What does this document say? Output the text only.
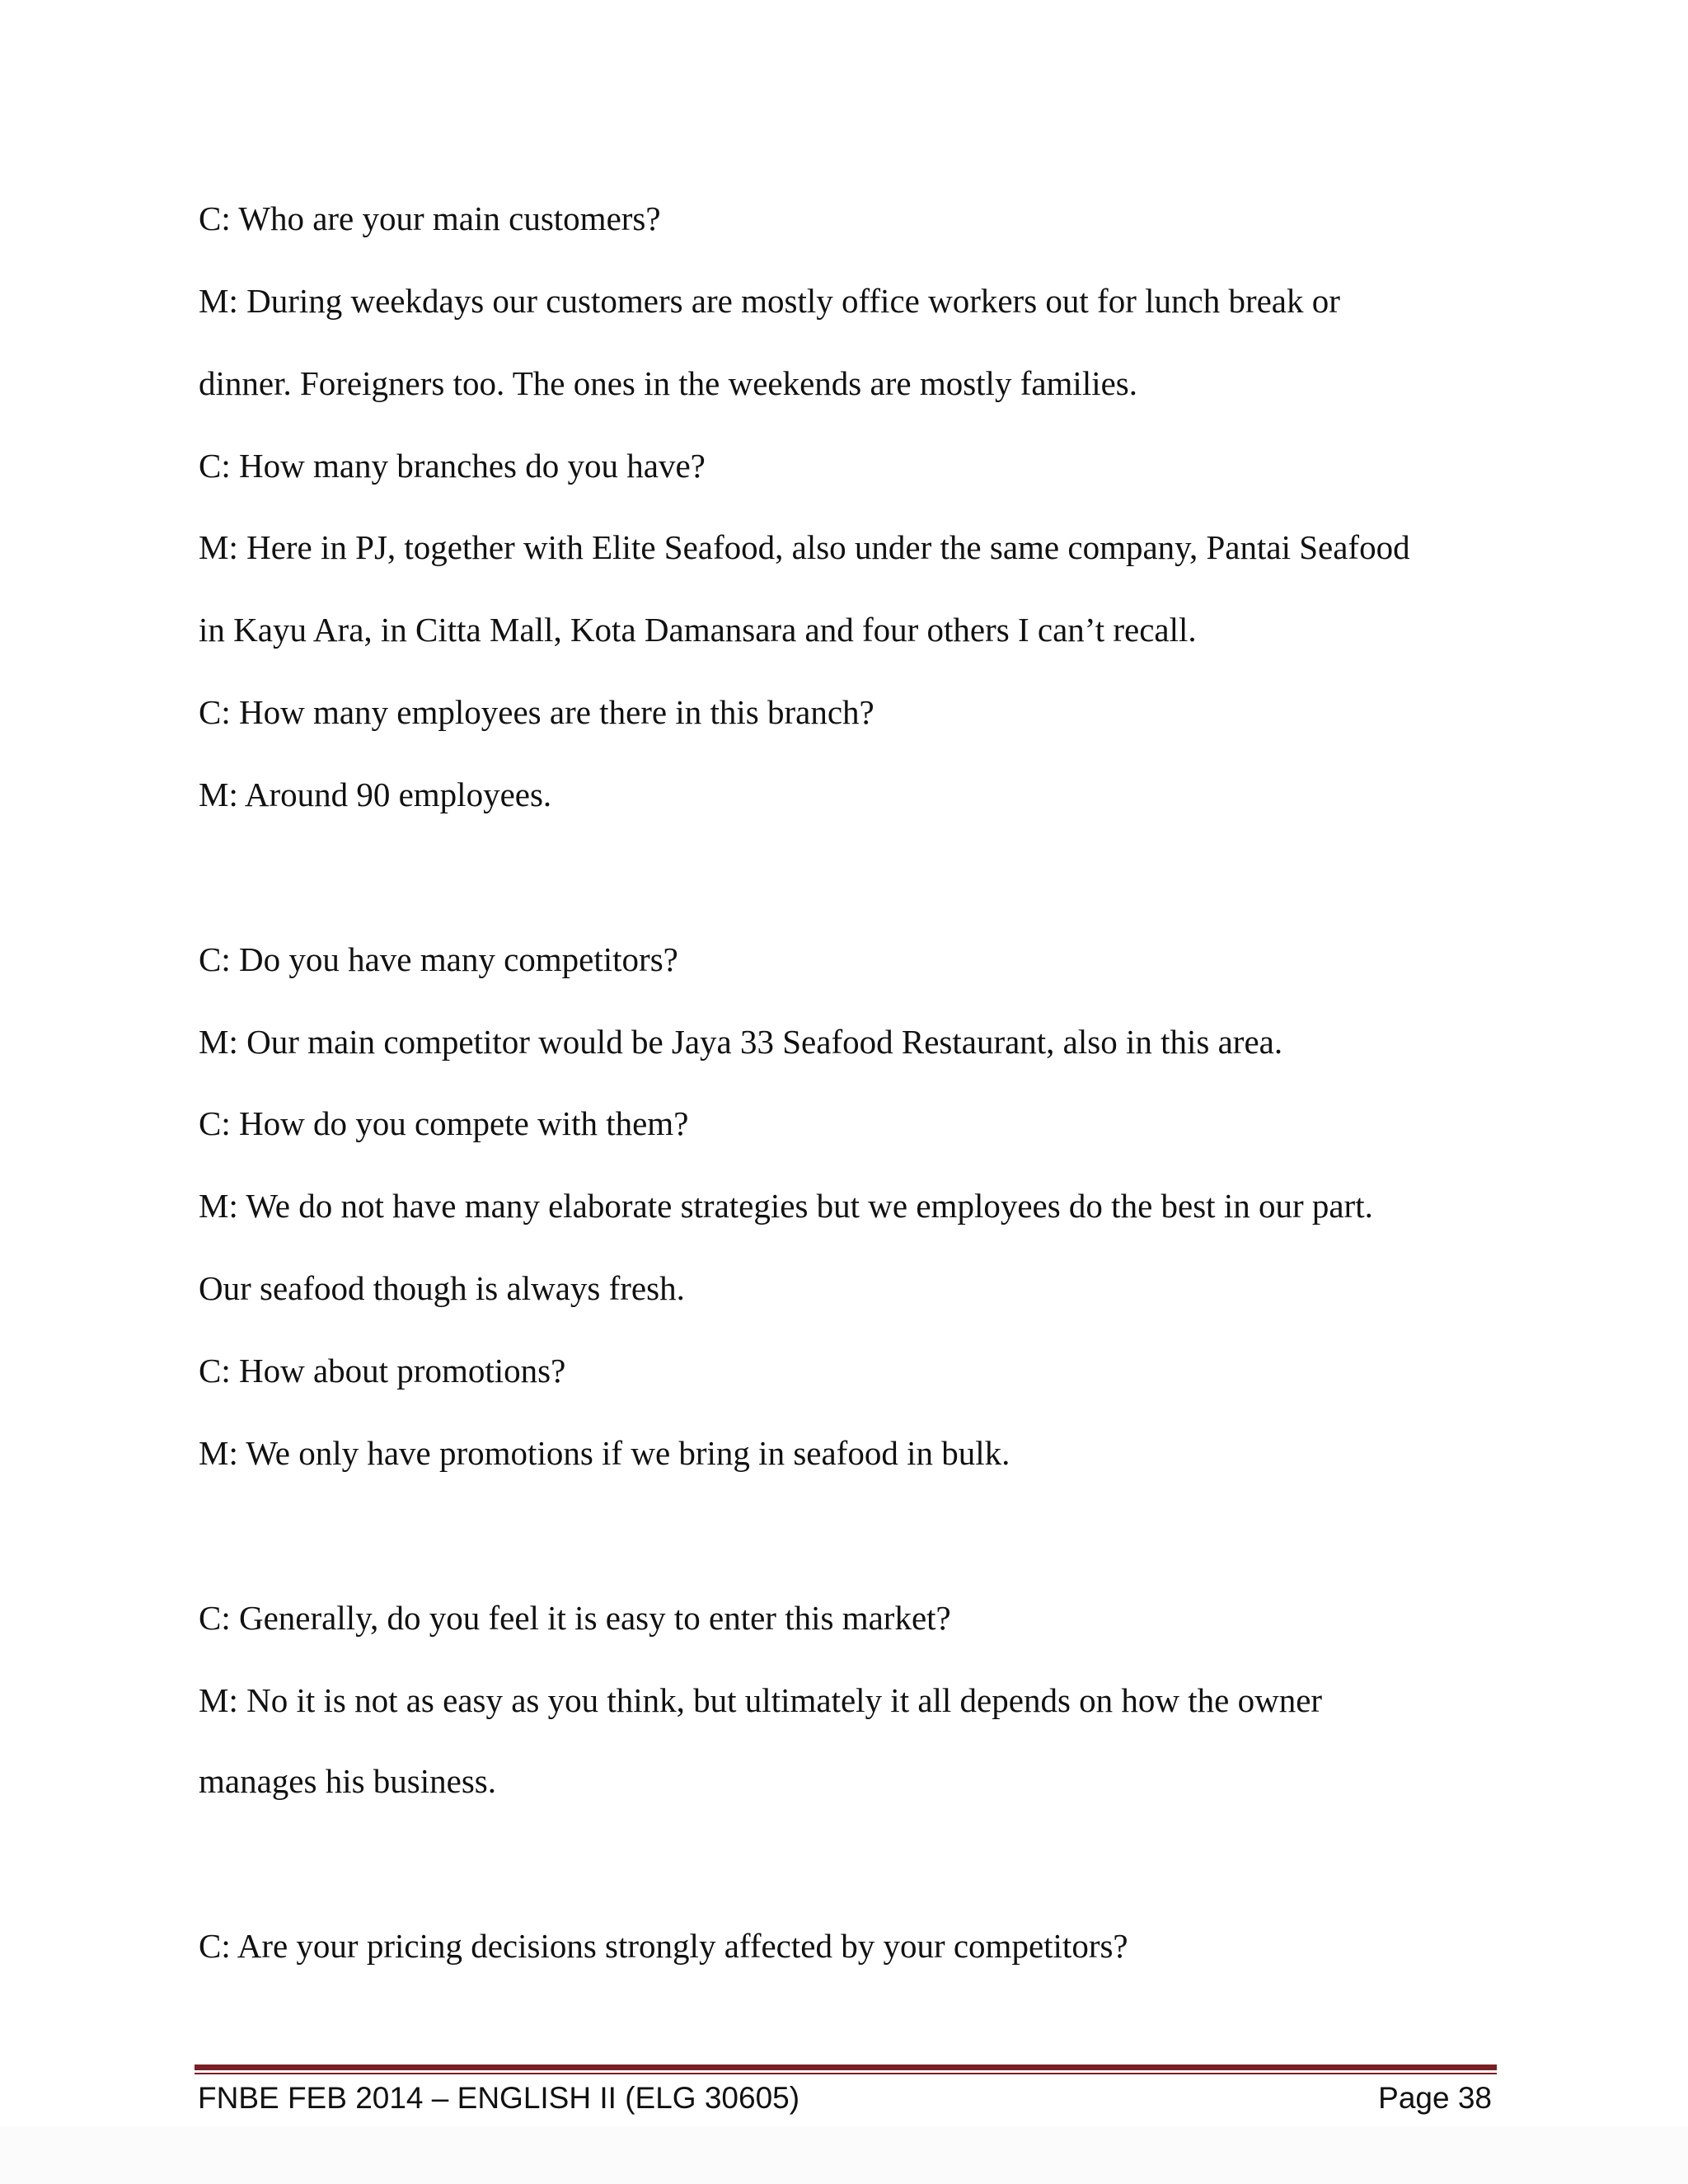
C: Who are your main customers?

M: During weekdays our customers are mostly office workers out for lunch break or

dinner. Foreigners too. The ones in the weekends are mostly families.

C: How many branches do you have?

M: Here in PJ, together with Elite Seafood, also under the same company, Pantai Seafood

in Kayu Ara, in Citta Mall, Kota Damansara and four others I can’t recall.

C: How many employees are there in this branch?

M: Around 90 employees.

C: Do you have many competitors?

M: Our main competitor would be Jaya 33 Seafood Restaurant, also in this area.

C: How do you compete with them?

M: We do not have many elaborate strategies but we employees do the best in our part.

Our seafood though is always fresh.

C: How about promotions?

M: We only have promotions if we bring in seafood in bulk.

C: Generally, do you feel it is easy to enter this market?

M: No it is not as easy as you think, but ultimately it all depends on how the owner

manages his business.

C: Are your pricing decisions strongly affected by your competitors?

FNBE FEB 2014 – ENGLISH II (ELG 30605)	Page 38
